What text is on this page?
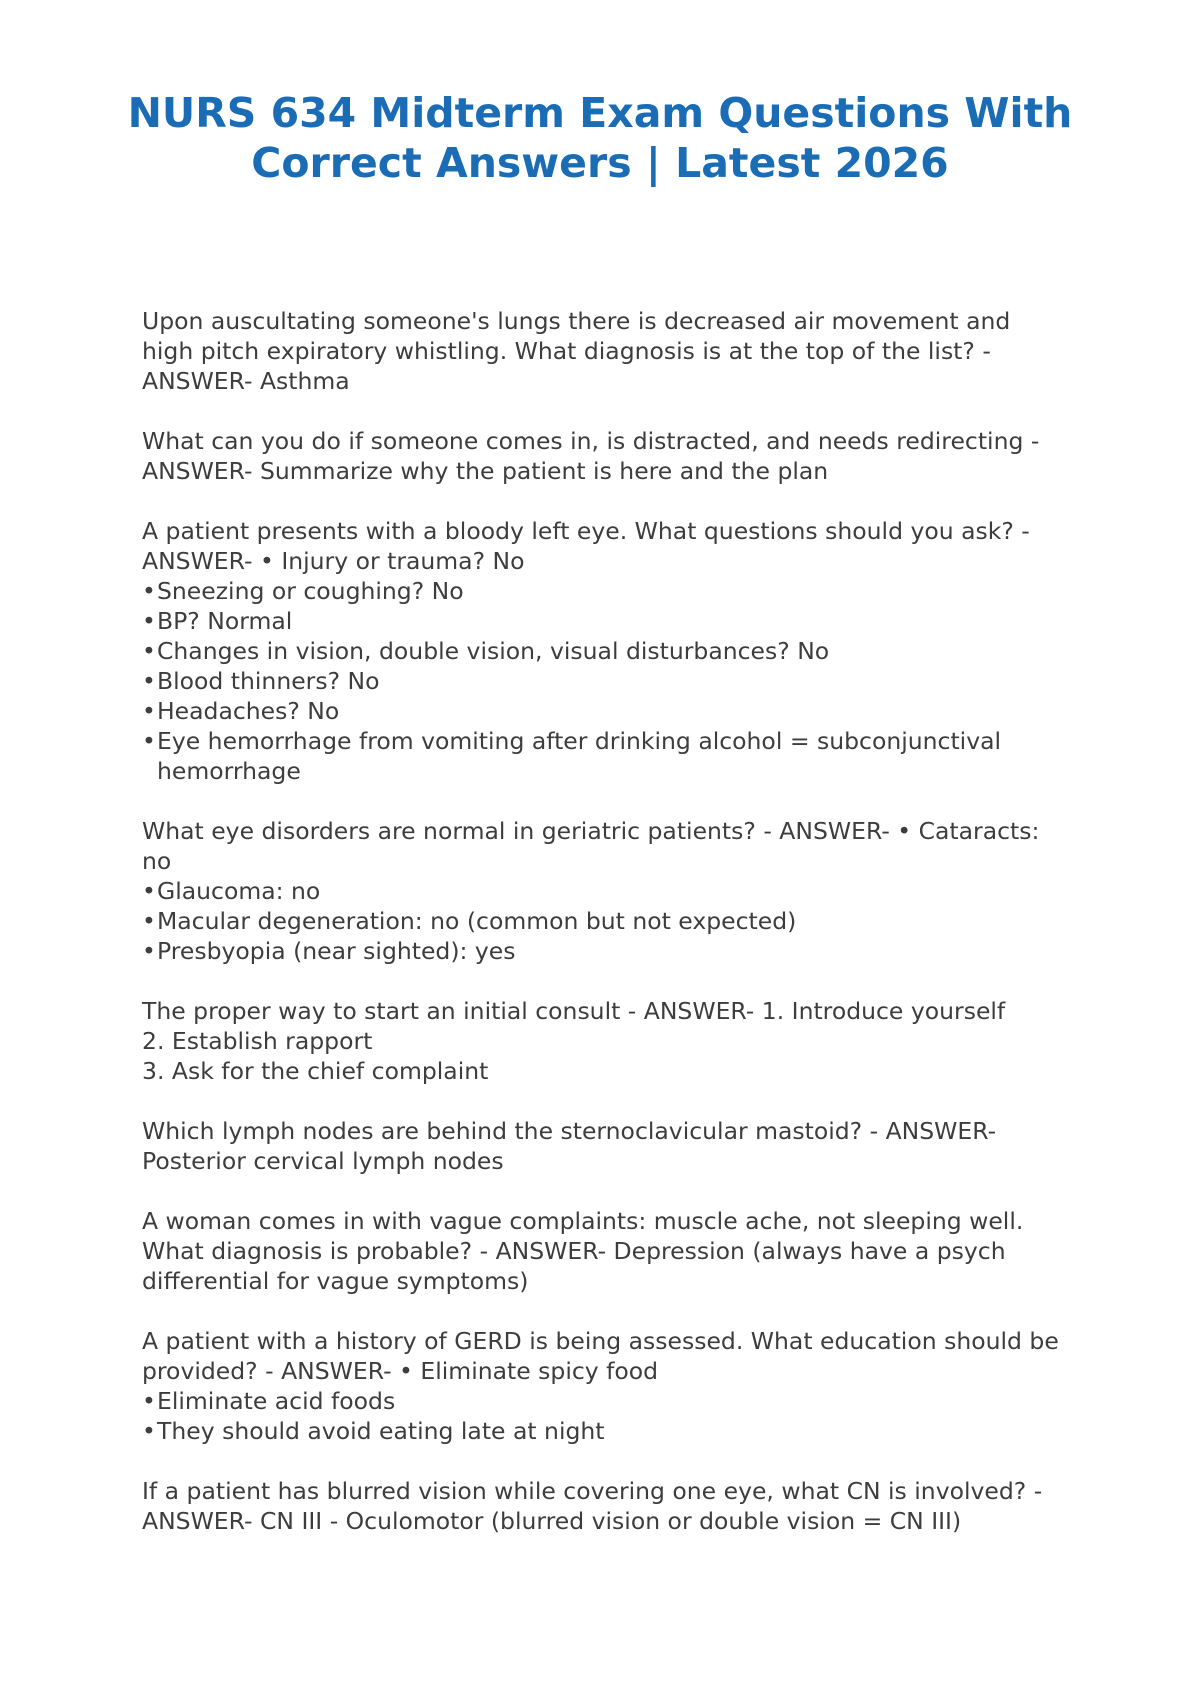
NURS 634 Midterm Exam Questions With
Correct Answers | Latest 2026
Upon auscultating someone's lungs there is decreased air movement and high pitch expiratory whistling. What diagnosis is at the top of the list? - ANSWER- Asthma
What can you do if someone comes in, is distracted, and needs redirecting - ANSWER- Summarize why the patient is here and the plan
A patient presents with a bloody left eye. What questions should you ask? - ANSWER- • Injury or trauma? No
•Sneezing or coughing? No
•BP? Normal
•Changes in vision, double vision, visual disturbances? No
•Blood thinners? No
•Headaches? No
•Eye hemorrhage from vomiting after drinking alcohol = subconjunctival hemorrhage
What eye disorders are normal in geriatric patients? - ANSWER- • Cataracts: no
•Glaucoma: no
•Macular degeneration: no (common but not expected)
•Presbyopia (near sighted): yes
The proper way to start an initial consult - ANSWER- 1. Introduce yourself
2. Establish rapport
3. Ask for the chief complaint
Which lymph nodes are behind the sternoclavicular mastoid? - ANSWER- Posterior cervical lymph nodes
A woman comes in with vague complaints: muscle ache, not sleeping well. What diagnosis is probable? - ANSWER- Depression (always have a psych differential for vague symptoms)
A patient with a history of GERD is being assessed. What education should be provided? - ANSWER- • Eliminate spicy food
•Eliminate acid foods
•They should avoid eating late at night
If a patient has blurred vision while covering one eye, what CN is involved? - ANSWER- CN III - Oculomotor (blurred vision or double vision = CN III)
